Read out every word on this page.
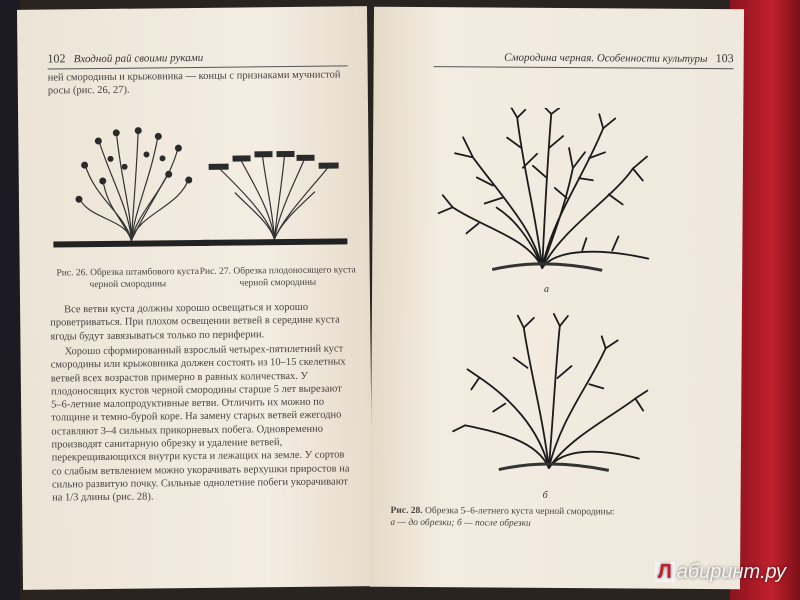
102 Входной рай своими руками
ней смородины и крыжовника — концы с признаками мучнистой росы (рис. 26, 27).
Рис. 26. Обрезка штамбового куста черной смородины
Рис. 27. Обрезка плодоносящего куста черной смородины
Все ветви куста должны хорошо освещаться и хорошо проветриваться. При плохом освещении ветвей в середине куста ягоды будут завязываться только по периферии.
Хорошо сформированный взрослый четырех-пятилетний куст смородины или крыжовника должен состоять из 10–15 скелетных ветвей всех возрастов примерно в равных количествах. У плодоносящих кустов черной смородины старше 5 лет вырезают 5–6-летние малопродуктивные ветви. Отличить их можно по толщине и темно-бурой коре. На замену старых ветвей ежегодно оставляют 3–4 сильных прикорневых побега. Одновременно производят санитарную обрезку и удаление ветвей, перекрещивающихся внутри куста и лежащих на земле. У сортов со слабым ветвлением можно укорачивать верхушки приростов на сильно развитую почку. Сильные однолетние побеги укорачивают на 1/3 длины (рис. 28).
Смородина черная. Особенности культуры 103
а
б
Рис. 28. Обрезка 5–6-летнего куста черной смородины:
а — до обрезки; б — после обрезки
Л абиринт.ру
